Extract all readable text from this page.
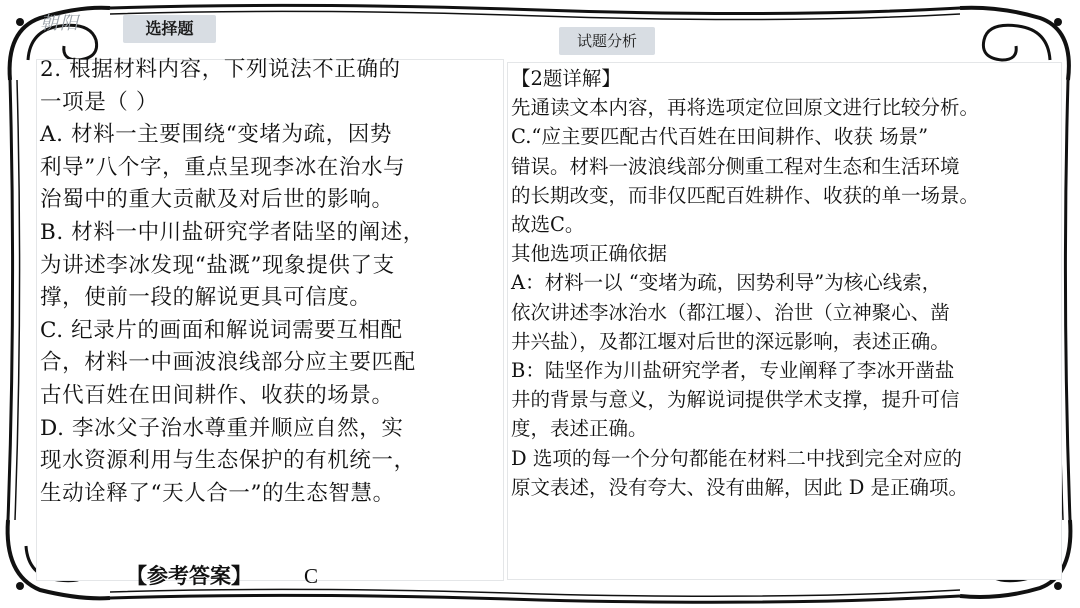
朝阳	选择题
试题分析

2. 根据材料内容，下列说法不正确的

一项是（ ）

A. 材料一主要围绕“变堵为疏，因势

利导”八个字，重点呈现李冰在治水与

治蜀中的重大贡献及对后世的影响。

B. 材料一中川盐研究学者陆坚的阐述，

为讲述李冰发现“盐溉”现象提供了支

撑，使前一段的解说更具可信度。

C. 纪录片的画面和解说词需要互相配

合，材料一中画波浪线部分应主要匹配

古代百姓在田间耕作、收获的场景。

D. 李冰父子治水尊重并顺应自然，实

现水资源利用与生态保护的有机统一，

生动诠释了“天人合一”的生态智慧。

【2题详解】

先通读文本内容，再将选项定位回原文进行比较分析。

C.“应主要匹配古代百姓在田间耕作、收获 场景”

错误。材料一波浪线部分侧重工程对生态和生活环境

的长期改变，而非仅匹配百姓耕作、收获的单一场景。

故选C。

其他选项正确依据

A：材料一以 “变堵为疏，因势利导”为核心线索，

依次讲述李冰治水（都江堰）、治世（立神聚心、凿

井兴盐），及都江堰对后世的深远影响，表述正确。

B：陆坚作为川盐研究学者，专业阐释了李冰开凿盐

井的背景与意义，为解说词提供学术支撑，提升可信

度，表述正确。

D 选项的每一个分句都能在材料二中找到完全对应的

原文表述，没有夸大、没有曲解，因此 D 是正确项。

【参考答案】 C
